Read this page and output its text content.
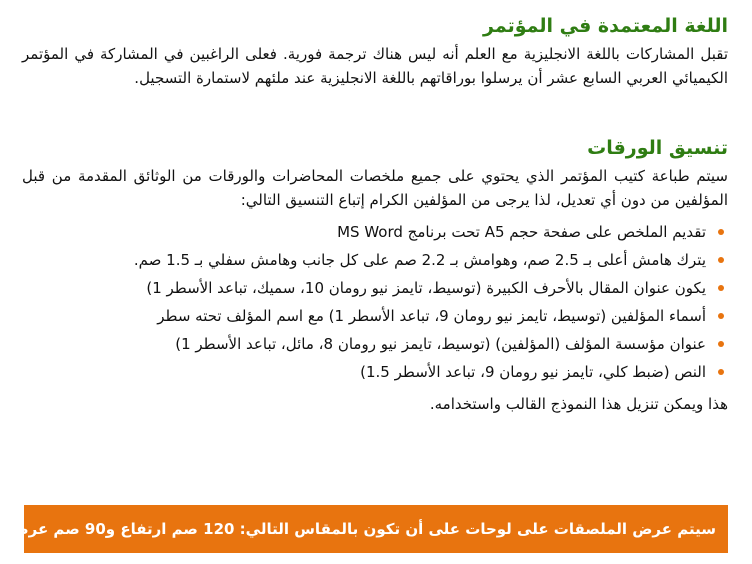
اللغة المعتمدة في المؤتمر

تقبل المشاركات باللغة الانجليزية مع العلم أنه ليس هناك ترجمة فورية. فعلى الراغبين في المشاركة في المؤتمر الكيميائي العربي السابع عشر أن يرسلوا بوراقاتهم باللغة الانجليزية عند ملئهم لاستمارة التسجيل.

تنسيق الورقات

سيتم طباعة كتيب المؤتمر الذي يحتوي على جميع ملخصات المحاضرات والورقات من الوثائق المقدمة من قبل المؤلفين من دون أي تعديل، لذا يرجى من المؤلفين الكرام إتباع التنسيق التالي:

تقديم الملخص على صفحة حجم A5 تحت برنامج MS Word
يترك هامش أعلى بـ 2.5 صم، وهوامش بـ 2.2 صم على كل جانب وهامش سفلي بـ 1.5 صم.
يكون عنوان المقال بالأحرف الكبيرة (توسيط، تايمز نيو رومان 10، سميك، تباعد الأسطر 1)
أسماء المؤلفين (توسيط، تايمز نيو رومان 9، تباعد الأسطر 1) مع اسم المؤلف تحته سطر
عنوان مؤسسة المؤلف (المؤلفين) (توسيط، تايمز نيو رومان 8، مائل، تباعد الأسطر 1)
النص (ضبط كلي، تايمز نيو رومان 9، تباعد الأسطر 1.5)

هذا ويمكن تنزيل هذا النموذج القالب واستخدامه.

سيتم عرض الملصقات على لوحات على أن تكون بالمقاس التالي: 120 صم ارتفاع و90 صم عرض
